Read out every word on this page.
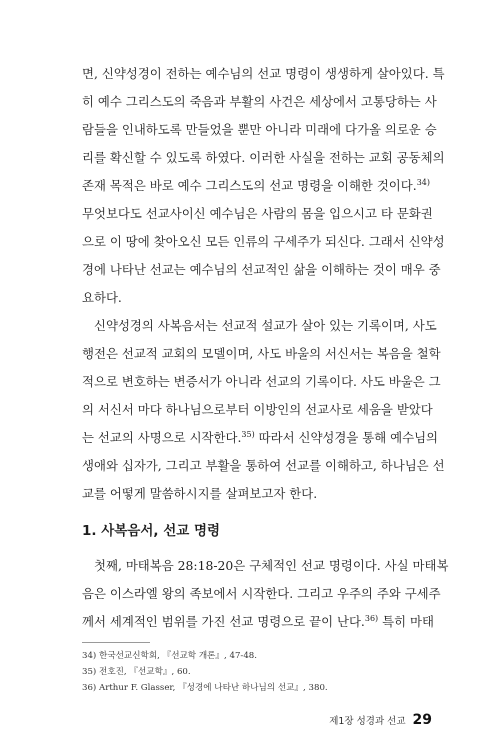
면, 신약성경이 전하는 예수님의 선교 명령이 생생하게 살아있다. 특
히 예수 그리스도의 죽음과 부활의 사건은 세상에서 고통당하는 사
람들을 인내하도록 만들었을 뿐만 아니라 미래에 다가올 의로운 승
리를 확신할 수 있도록 하였다. 이러한 사실을 전하는 교회 공동체의
존재 목적은 바로 예수 그리스도의 선교 명령을 이해한 것이다.$^{34)}$
무엇보다도 선교사이신 예수님은 사람의 몸을 입으시고 타 문화권
으로 이 땅에 찾아오신 모든 인류의 구세주가 되신다. 그래서 신약성
경에 나타난 선교는 예수님의 선교적인 삶을 이해하는 것이 매우 중
요하다.
신약성경의 사복음서는 선교적 설교가 살아 있는 기록이며, 사도
행전은 선교적 교회의 모델이며, 사도 바울의 서신서는 복음을 철학
적으로 변호하는 변증서가 아니라 선교의 기록이다. 사도 바울은 그
의 서신서 마다 하나님으로부터 이방인의 선교사로 세움을 받았다
는 선교의 사명으로 시작한다.$^{35)}$ 따라서 신약성경을 통해 예수님의
생애와 십자가, 그리고 부활을 통하여 선교를 이해하고, 하나님은 선
교를 어떻게 말씀하시지를 살펴보고자 한다.
1. 사복음서, 선교 명령
첫째, 마태복음 28:18-20은 구체적인 선교 명령이다. 사실 마태복
음은 이스라엘 왕의 족보에서 시작한다. 그리고 우주의 주와 구세주
께서 세계적인 범위를 가진 선교 명령으로 끝이 난다.$^{36)}$ 특히 마태
34) 한국선교신학회, 『선교학 개론』, 47-48.
35) 전호진, 『선교학』, 60.
36) Arthur F. Glasser, 『성경에 나타난 하나님의 선교』, 380.
제1장 성경과 선교 29
